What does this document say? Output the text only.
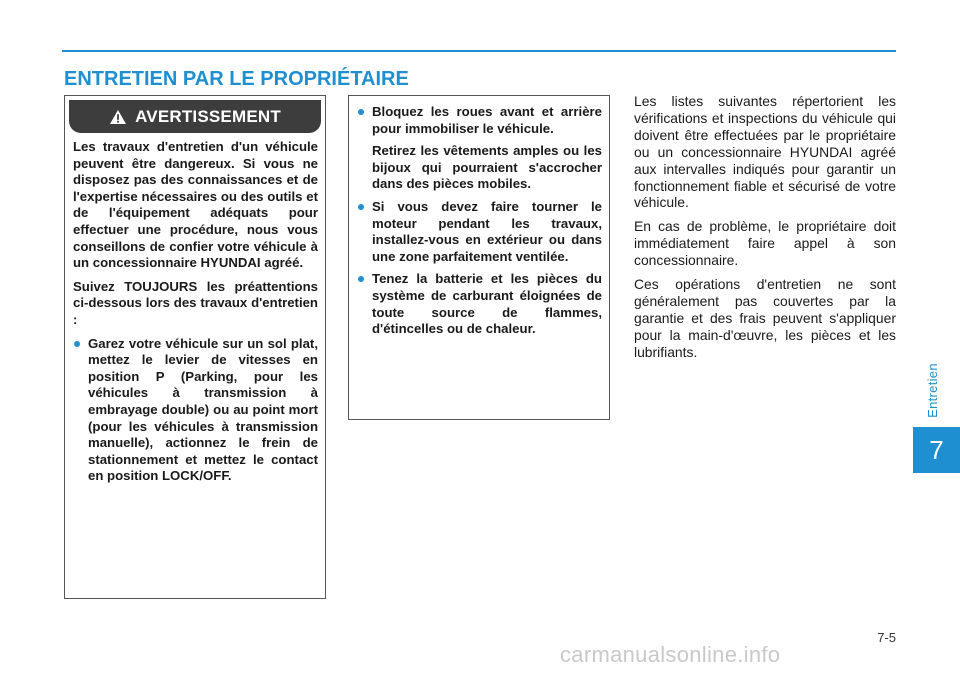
ENTRETIEN PAR LE PROPRIÉTAIRE
AVERTISSEMENT

Les travaux d'entretien d'un véhicule peuvent être dangereux. Si vous ne disposez pas des connaissances et de l'expertise nécessaires ou des outils et de l'équipement adéquats pour effectuer une procédure, nous vous conseillons de confier votre véhicule à un concessionnaire HYUNDAI agréé.

Suivez TOUJOURS les préattentions ci-dessous lors des travaux d'entretien :

Garez votre véhicule sur un sol plat, mettez le levier de vitesses en position P (Parking, pour les véhicules à transmission à embrayage double) ou au point mort (pour les véhicules à transmission manuelle), actionnez le frein de stationnement et mettez le contact en position LOCK/OFF.

Bloquez les roues avant et arrière pour immobiliser le véhicule.

Retirez les vêtements amples ou les bijoux qui pourraient s'accrocher dans des pièces mobiles.

Si vous devez faire tourner le moteur pendant les travaux, installez-vous en extérieur ou dans une zone parfaitement ventilée.

Tenez la batterie et les pièces du système de carburant éloignées de toute source de flammes, d'étincelles ou de chaleur.

Les listes suivantes répertorient les vérifications et inspections du véhicule qui doivent être effectuées par le propriétaire ou un concessionnaire HYUNDAI agréé aux intervalles indiqués pour garantir un fonctionnement fiable et sécurisé de votre véhicule.

En cas de problème, le propriétaire doit immédiatement faire appel à son concessionnaire.

Ces opérations d'entretien ne sont généralement pas couvertes par la garantie et des frais peuvent s'appliquer pour la main-d'œuvre, les pièces et les lubrifiants.

Entretien
7
7-5
carmanualsonline.info
